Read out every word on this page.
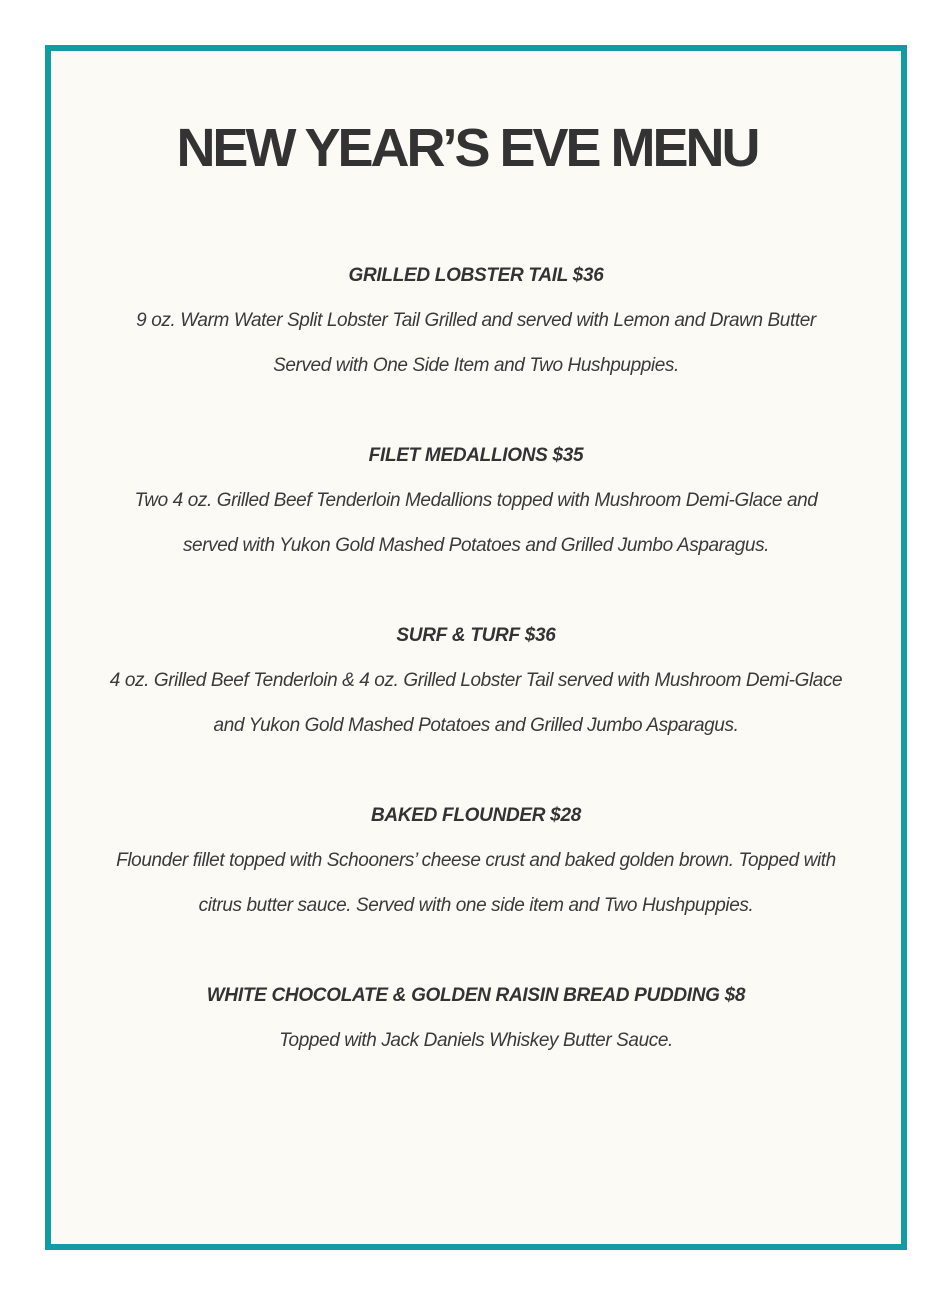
NEW YEAR’S EVE MENU

GRILLED LOBSTER TAIL $36

9 oz. Warm Water Split Lobster Tail Grilled and served with Lemon and Drawn Butter Served with One Side Item and Two Hushpuppies.

FILET MEDALLIONS $35

Two 4 oz. Grilled Beef Tenderloin Medallions topped with Mushroom Demi-Glace and served with Yukon Gold Mashed Potatoes and Grilled Jumbo Asparagus.

SURF & TURF $36

4 oz. Grilled Beef Tenderloin & 4 oz. Grilled Lobster Tail served with Mushroom Demi-Glace and Yukon Gold Mashed Potatoes and Grilled Jumbo Asparagus.

BAKED FLOUNDER $28

Flounder fillet topped with Schooners’ cheese crust and baked golden brown. Topped with citrus butter sauce. Served with one side item and Two Hushpuppies.

WHITE CHOCOLATE & GOLDEN RAISIN BREAD PUDDING $8

Topped with Jack Daniels Whiskey Butter Sauce.
